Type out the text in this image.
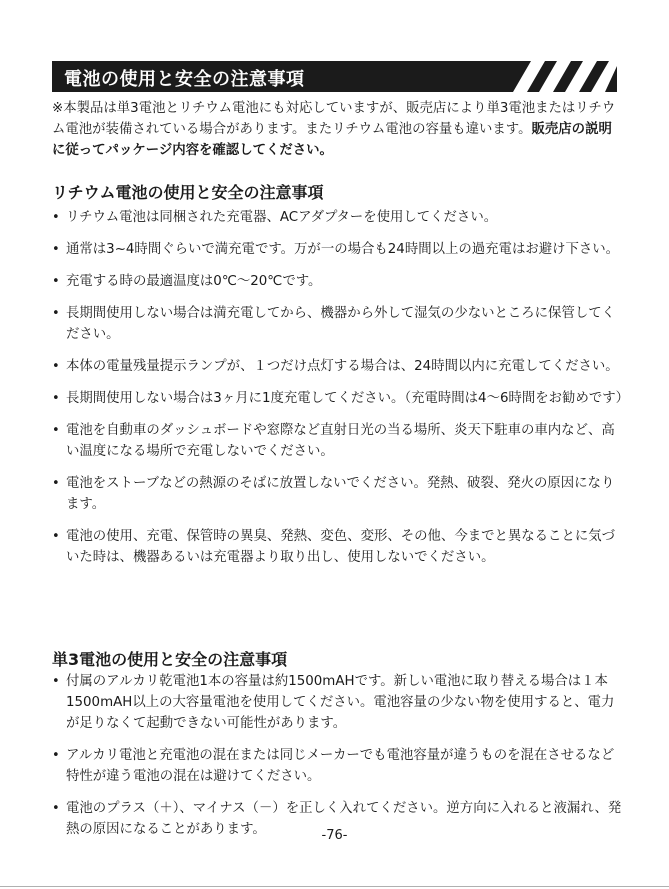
電池の使用と安全の注意事項
※本製品は単3電池とリチウム電池にも対応していますが、販売店により単3電池またはリチウム電池が装備されている場合があります。またリチウム電池の容量も違います。販売店の説明に従ってパッケージ内容を確認してください。
リチウム電池の使用と安全の注意事項
• リチウム電池は同梱された充電器、ACアダプターを使用してください。
• 通常は3~4時間ぐらいで満充電です。万が一の場合も24時間以上の過充電はお避け下さい。
• 充電する時の最適温度は0℃～20℃です。
• 長期間使用しない場合は満充電してから、機器から外して湿気の少ないところに保管してください。
• 本体の電量残量提示ランプが、１つだけ点灯する場合は、24時間以内に充電してください。
• 長期間使用しない場合は3ヶ月に1度充電してください。（充電時間は4～6時間をお勧めです）
• 電池を自動車のダッシュボードや窓際など直射日光の当る場所、炎天下駐車の車内など、高い温度になる場所で充電しないでください。
• 電池をストーブなどの熱源のそばに放置しないでください。発熱、破裂、発火の原因になります。
• 電池の使用、充電、保管時の異臭、発熱、変色、変形、その他、今までと異なることに気づいた時は、機器あるいは充電器より取り出し、使用しないでください。
単3電池の使用と安全の注意事項
• 付属のアルカリ乾電池1本の容量は約1500mAHです。新しい電池に取り替える場合は１本1500mAH以上の大容量電池を使用してください。電池容量の少ない物を使用すると、電力が足りなくて起動できない可能性があります。
• アルカリ電池と充電池の混在または同じメーカーでも電池容量が違うものを混在させるなど特性が違う電池の混在は避けてください。
• 電池のプラス（＋）、マイナス（－）を正しく入れてください。逆方向に入れると液漏れ、発熱の原因になることがあります。	-76-
